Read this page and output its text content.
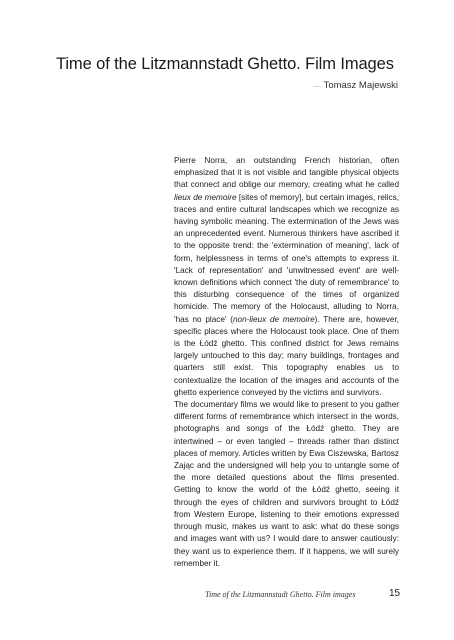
Time of the Litzmannstadt Ghetto. Film Images
— Tomasz Majewski

Pierre Norra, an outstanding French historian, often emphasized that it is not visible and tangible physical objects that connect and oblige our memory, creating what he called lieux de memoire [sites of memory], but certain images, relics, traces and entire cultural landscapes which we recognize as having symbolic meaning. The extermination of the Jews was an unprecedented event. Numerous thinkers have ascribed it to the opposite trend: the 'extermination of meaning', lack of form, helplessness in terms of one's attempts to express it. 'Lack of representation' and 'unwitnessed event' are well-known definitions which connect 'the duty of remembrance' to this disturbing consequence of the times of organized homicide. The memory of the Holocaust, alluding to Norra, 'has no place' (non-lieux de memoire). There are, however, specific places where the Holocaust took place. One of them is the Łódź ghetto. This confined district for Jews remains largely untouched to this day; many buildings, frontages and quarters still exist. This topography enables us to contextualize the location of the images and accounts of the ghetto experience conveyed by the victims and survivors.

The documentary films we would like to present to you gather different forms of remembrance which intersect in the words, photographs and songs of the Łódź ghetto. They are intertwined – or even tangled – threads rather than distinct places of memory. Articles written by Ewa Ciszewska, Bartosz Zając and the undersigned will help you to untangle some of the more detailed questions about the films presented. Getting to know the world of the Łódź ghetto, seeing it through the eyes of children and survivors brought to Łódź from Western Europe, listening to their emotions expressed through music, makes us want to ask: what do these songs and images want with us? I would dare to answer cautiously: they want us to experience them. If it happens, we will surely remember it.

Time of the Litzmannstadt Ghetto. Film images	15
